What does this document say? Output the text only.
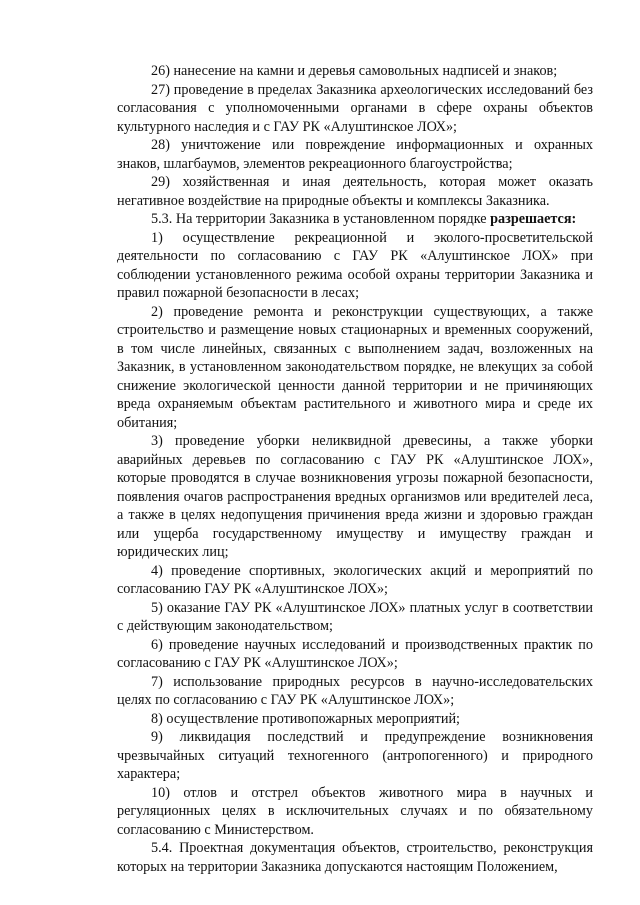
26) нанесение на камни и деревья самовольных надписей и знаков;

27) проведение в пределах Заказника археологических исследований без согласования с уполномоченными органами в сфере охраны объектов культурного наследия и с ГАУ РК «Алуштинское ЛОХ»;

28) уничтожение или повреждение информационных и охранных знаков, шлагбаумов, элементов рекреационного благоустройства;

29) хозяйственная и иная деятельность, которая может оказать негативное воздействие на природные объекты и комплексы Заказника.

5.3. На территории Заказника в установленном порядке разрешается:

1) осуществление рекреационной и эколого-просветительской деятельности по согласованию с ГАУ РК «Алуштинское ЛОХ» при соблюдении установленного режима особой охраны территории Заказника и правил пожарной безопасности в лесах;

2) проведение ремонта и реконструкции существующих, а также строительство и размещение новых стационарных и временных сооружений, в том числе линейных, связанных с выполнением задач, возложенных на Заказник, в установленном законодательством порядке, не влекущих за собой снижение экологической ценности данной территории и не причиняющих вреда охраняемым объектам растительного и животного мира и среде их обитания;

3) проведение уборки неликвидной древесины, а также уборки аварийных деревьев по согласованию с ГАУ РК «Алуштинское ЛОХ», которые проводятся в случае возникновения угрозы пожарной безопасности, появления очагов распространения вредных организмов или вредителей леса, а также в целях недопущения причинения вреда жизни и здоровью граждан или ущерба государственному имуществу и имуществу граждан и юридических лиц;

4) проведение спортивных, экологических акций и мероприятий по согласованию ГАУ РК «Алуштинское ЛОХ»;

5) оказание ГАУ РК «Алуштинское ЛОХ» платных услуг в соответствии с действующим законодательством;

6) проведение научных исследований и производственных практик по согласованию с ГАУ РК «Алуштинское ЛОХ»;

7) использование природных ресурсов в научно-исследовательских целях по согласованию с ГАУ РК «Алуштинское ЛОХ»;

8) осуществление противопожарных мероприятий;

9) ликвидация последствий и предупреждение возникновения чрезвычайных ситуаций техногенного (антропогенного) и природного характера;

10) отлов и отстрел объектов животного мира в научных и регуляционных целях в исключительных случаях и по обязательному согласованию с Министерством.

5.4. Проектная документация объектов, строительство, реконструкция которых на территории Заказника допускаются настоящим Положением,
